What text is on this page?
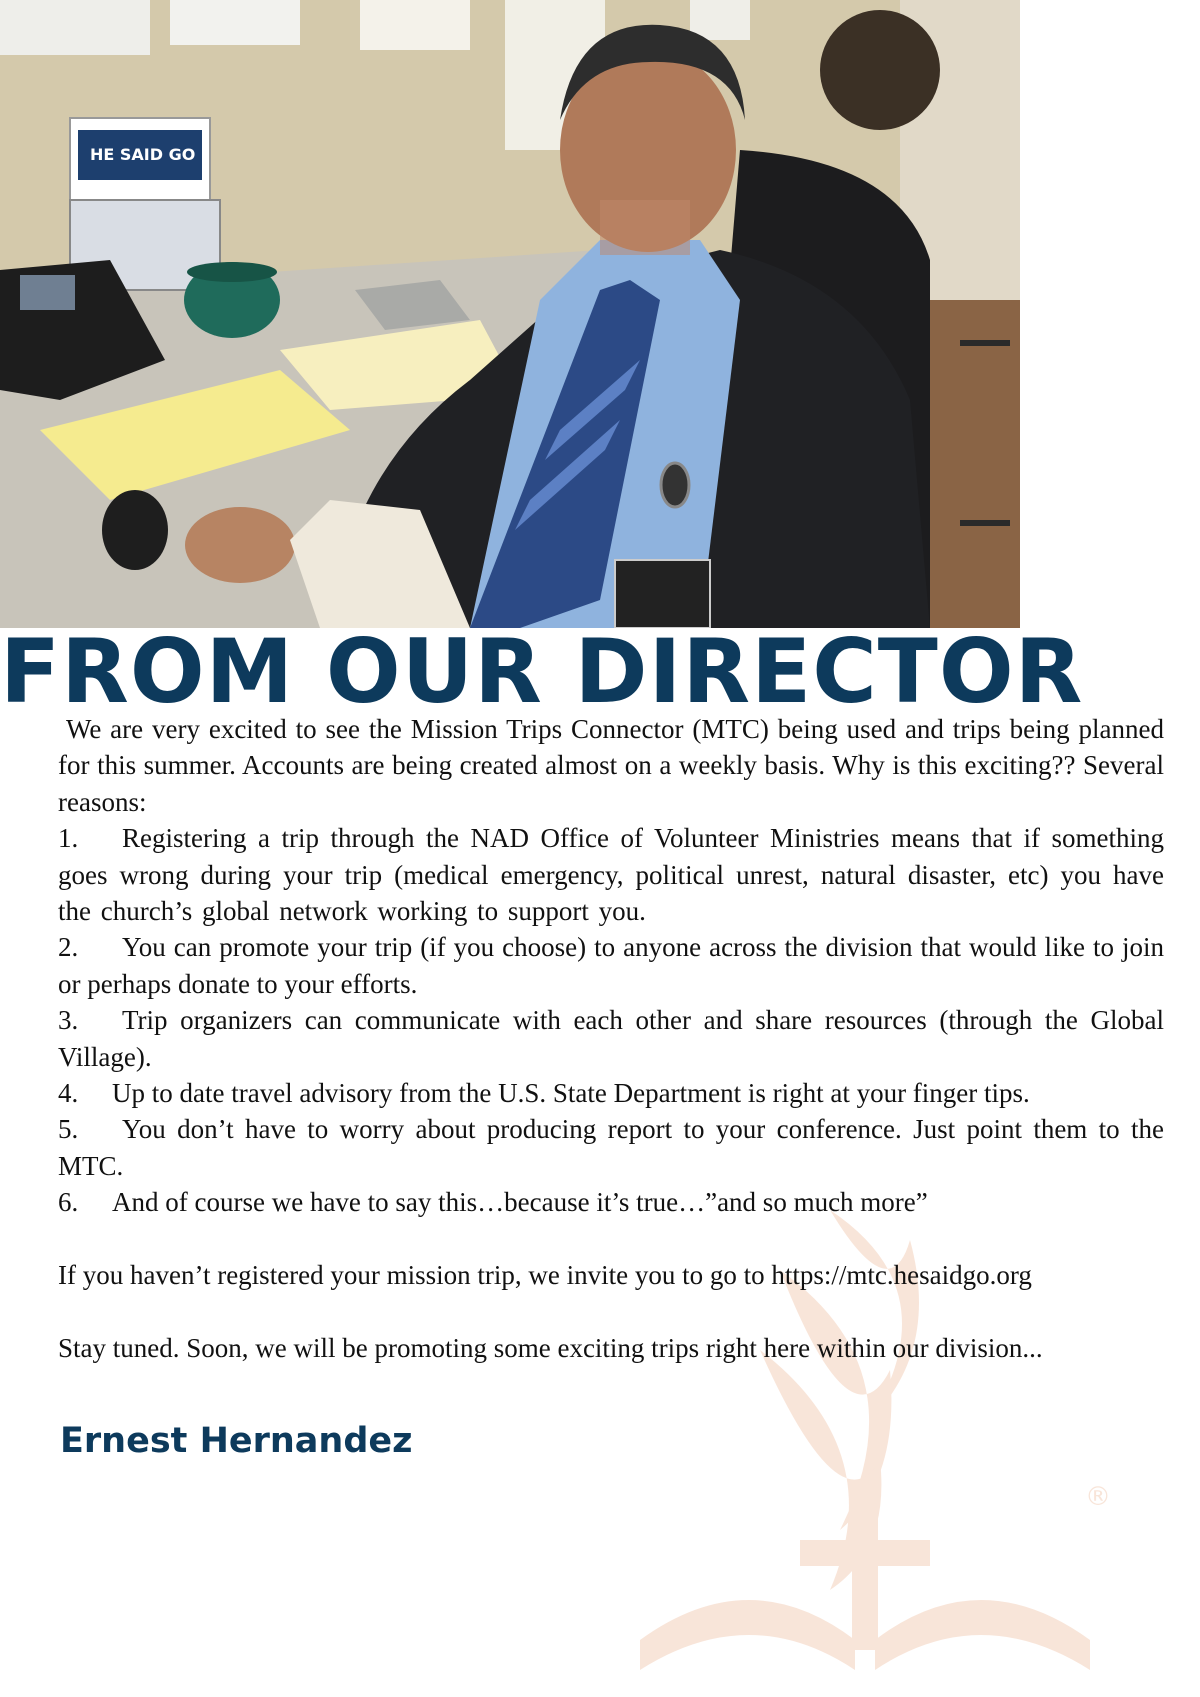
HE SAID GO
®
FROM OUR DIRECTOR

We are very excited to see the Mission Trips Connector (MTC) being used and trips being planned for this summer. Accounts are being created almost on a weekly basis. Why is this exciting?? Several reasons:

1. Registering a trip through the NAD Office of Volunteer Ministries means that if something goes wrong during your trip (medical emergency, political unrest, natural disaster, etc) you have the church’s global network working to support you.

2. You can promote your trip (if you choose) to anyone across the division that would like to join or perhaps donate to your efforts.

3. Trip organizers can communicate with each other and share resources (through the Global Village).

4. Up to date travel advisory from the U.S. State Department is right at your finger tips.

5. You don’t have to worry about producing report to your conference. Just point them to the MTC.

6. And of course we have to say this…because it’s true…”and so much more”

If you haven’t registered your mission trip, we invite you to go to https://mtc.hesaidgo.org

Stay tuned. Soon, we will be promoting some exciting trips right here within our division...

Ernest Hernandez
